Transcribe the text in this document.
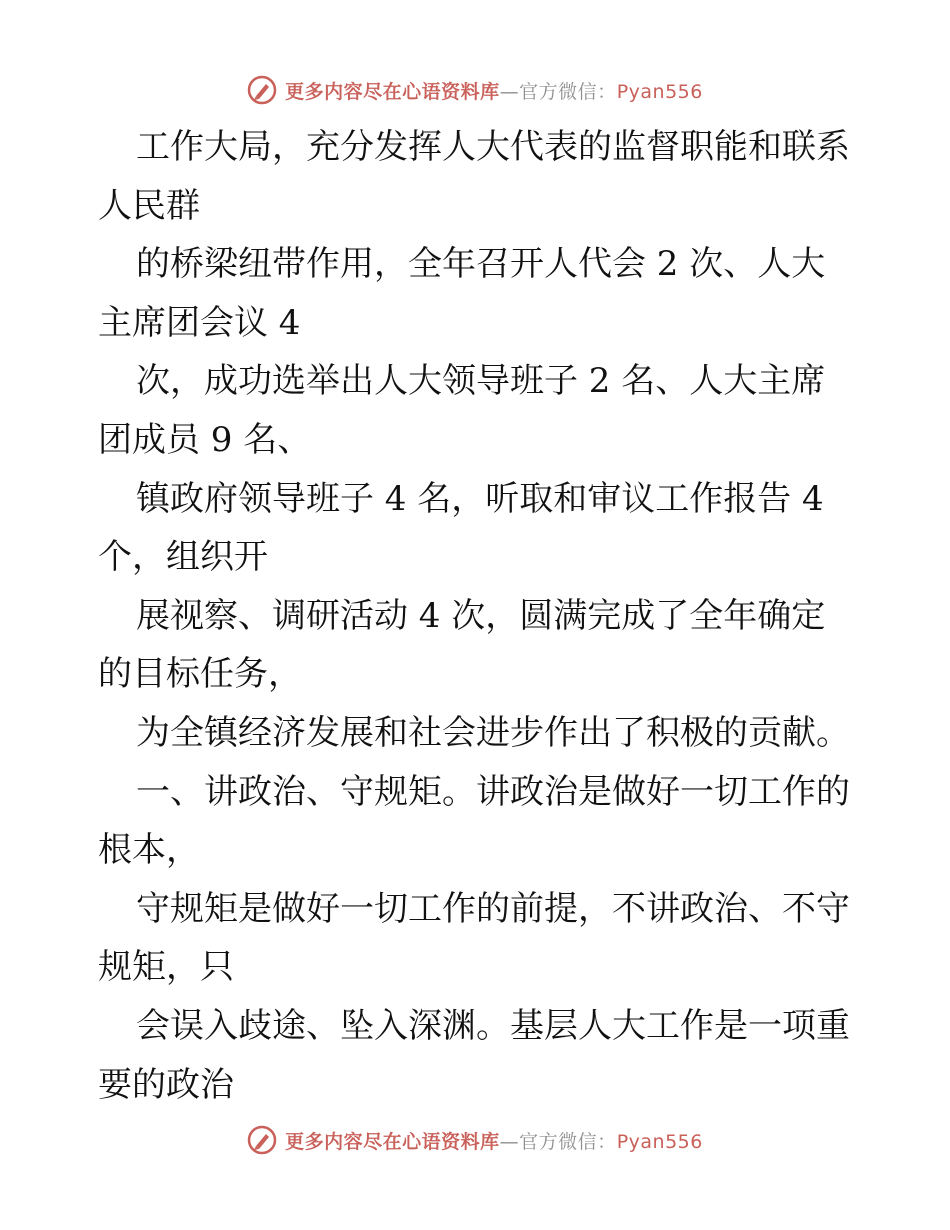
更多内容尽在心语资料库—官方微信：Pyan556
工作大局，充分发挥人大代表的监督职能和联系
人民群
的桥梁纽带作用，全年召开人代会 2 次、人大
主席团会议 4
次，成功选举出人大领导班子 2 名、人大主席
团成员 9 名、
镇政府领导班子 4 名，听取和审议工作报告 4
个，组织开
展视察、调研活动 4 次，圆满完成了全年确定
的目标任务，
为全镇经济发展和社会进步作出了积极的贡献。
一、讲政治、守规矩。讲政治是做好一切工作的
根本，
守规矩是做好一切工作的前提，不讲政治、不守
规矩，只
会误入歧途、坠入深渊。基层人大工作是一项重
要的政治
更多内容尽在心语资料库—官方微信：Pyan556
